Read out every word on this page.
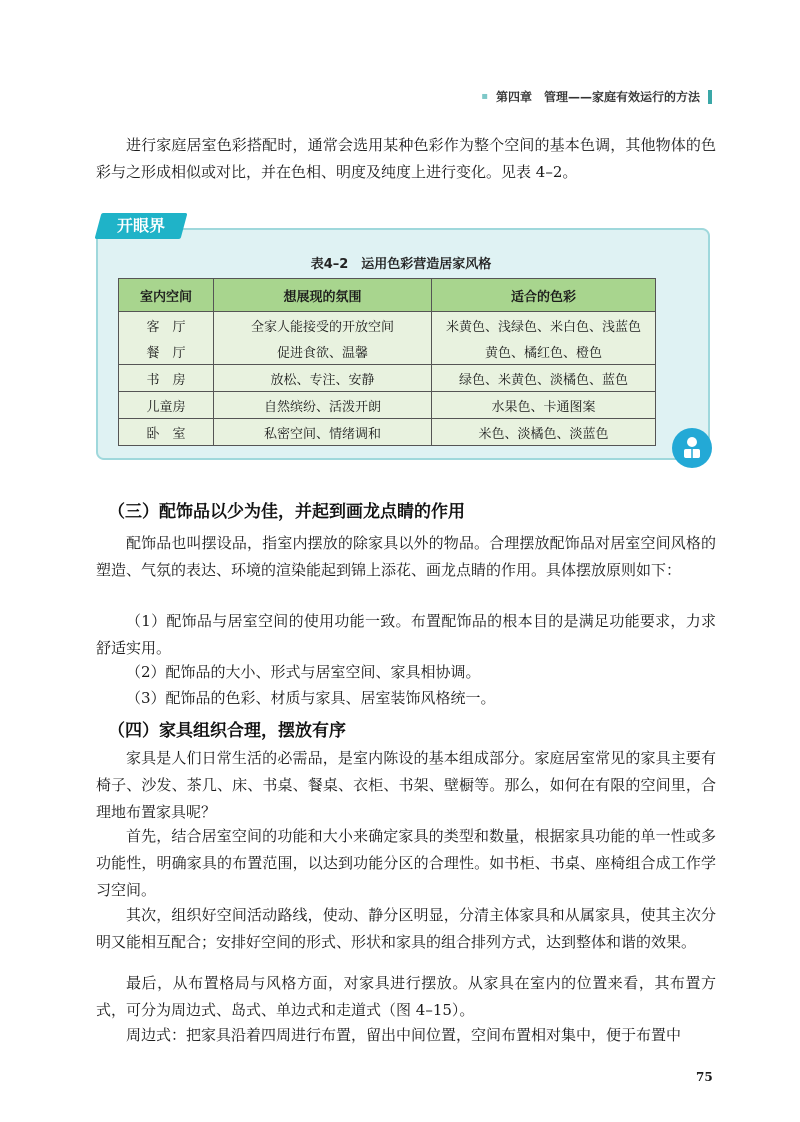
▪ 第四章　管理——家庭有效运行的方法
进行家庭居室色彩搭配时，通常会选用某种色彩作为整个空间的基本色调，其他物体的色彩与之形成相似或对比，并在色相、明度及纯度上进行变化。见表 4–2。
开眼界
表4–2　运用色彩营造居家风格
室内空间	想展现的氛围	适合的色彩
客　厅	全家人能接受的开放空间	米黄色、浅绿色、米白色、浅蓝色
餐　厅	促进食欲、温馨	黄色、橘红色、橙色
书　房	放松、专注、安静	绿色、米黄色、淡橘色、蓝色
儿童房	自然缤纷、活泼开朗	水果色、卡通图案
卧　室	私密空间、情绪调和	米色、淡橘色、淡蓝色
（三）配饰品以少为佳，并起到画龙点睛的作用
配饰品也叫摆设品，指室内摆放的除家具以外的物品。合理摆放配饰品对居室空间风格的塑造、气氛的表达、环境的渲染能起到锦上添花、画龙点睛的作用。具体摆放原则如下：
（1）配饰品与居室空间的使用功能一致。布置配饰品的根本目的是满足功能要求，力求舒适实用。
（2）配饰品的大小、形式与居室空间、家具相协调。
（3）配饰品的色彩、材质与家具、居室装饰风格统一。
（四）家具组织合理，摆放有序
家具是人们日常生活的必需品，是室内陈设的基本组成部分。家庭居室常见的家具主要有椅子、沙发、茶几、床、书桌、餐桌、衣柜、书架、壁橱等。那么，如何在有限的空间里，合理地布置家具呢？
首先，结合居室空间的功能和大小来确定家具的类型和数量，根据家具功能的单一性或多功能性，明确家具的布置范围，以达到功能分区的合理性。如书柜、书桌、座椅组合成工作学习空间。
其次，组织好空间活动路线，使动、静分区明显，分清主体家具和从属家具，使其主次分明又能相互配合；安排好空间的形式、形状和家具的组合排列方式，达到整体和谐的效果。
最后，从布置格局与风格方面，对家具进行摆放。从家具在室内的位置来看，其布置方式，可分为周边式、岛式、单边式和走道式（图 4–15）。
周边式：把家具沿着四周进行布置，留出中间位置，空间布置相对集中，便于布置中
75
